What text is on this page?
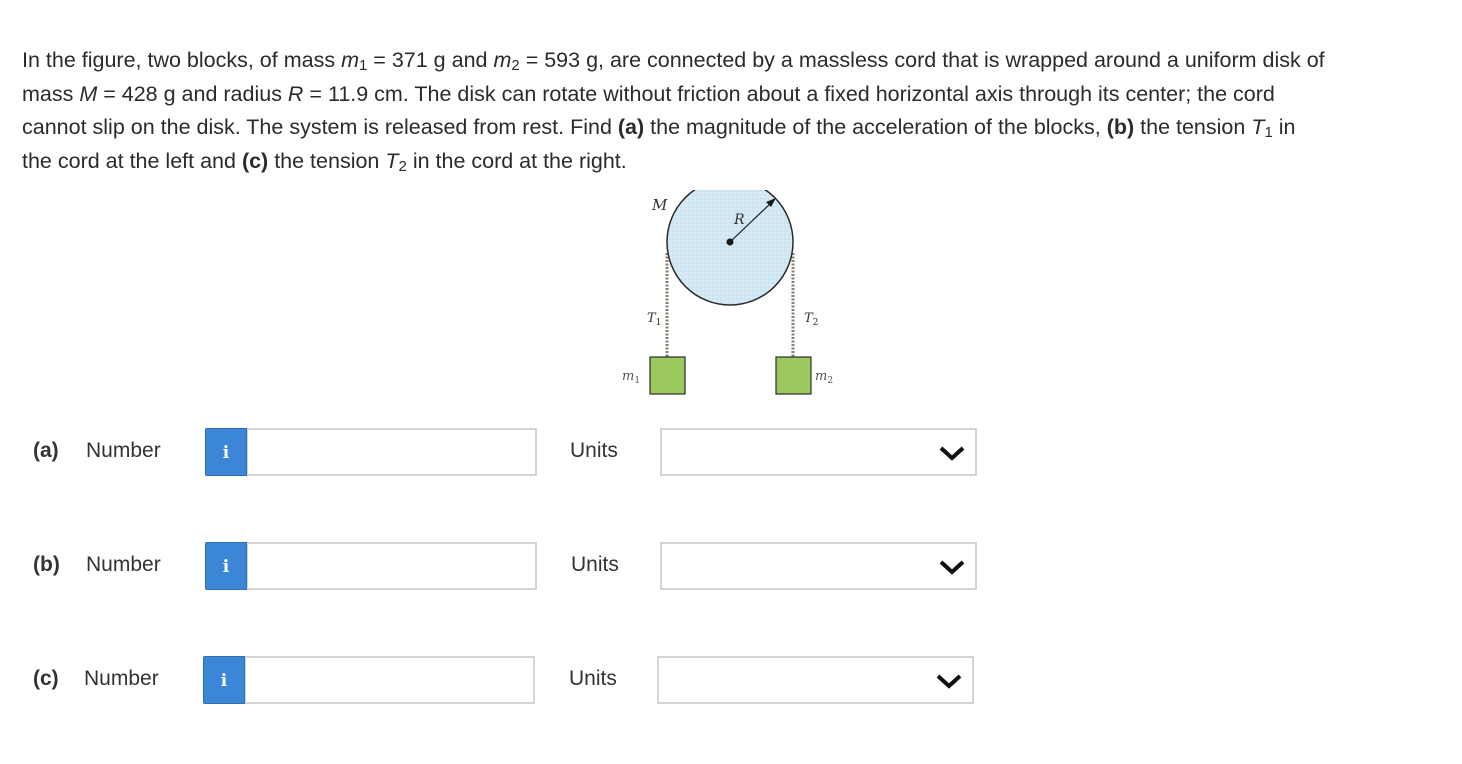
In the figure, two blocks, of mass $m_1 = 371$ g and $m_2 = 593$ g, are connected by a massless cord that is wrapped around a uniform disk of
mass M = 428 g and radius R = 11.9 cm. The disk can rotate without friction about a fixed horizontal axis through its center; the cord
cannot slip on the disk. The system is released from rest. Find (a) the magnitude of the acceleration of the blocks, (b) the tension $T_1$ in
the cord at the left and (c) the tension $T_2$ in the cord at the right.
M
R
$T_1$	$T_2$
$m_1$	$m_2$
(a) Number	i	Units
(b) Number	i	Units
(c) Number	i	Units
